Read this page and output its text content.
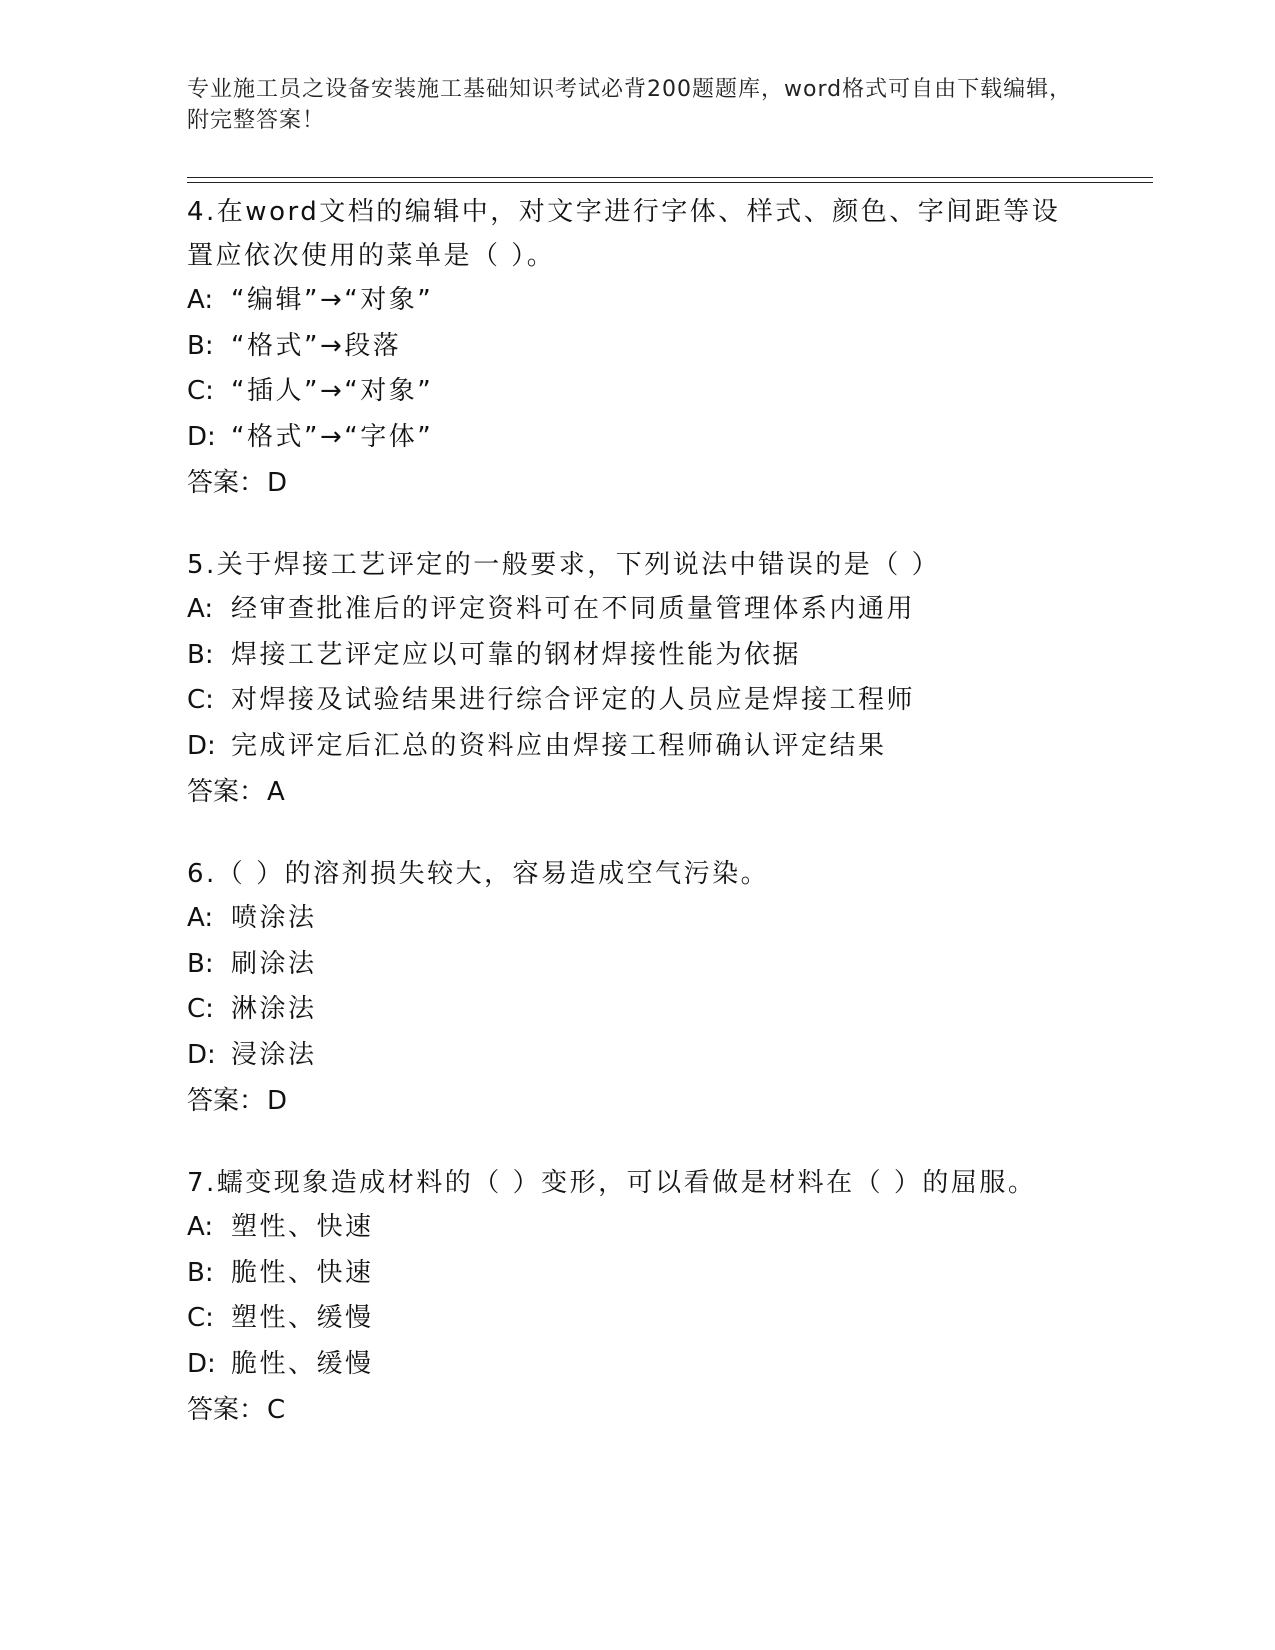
专业施工员之设备安装施工基础知识考试必背200题题库，word格式可自由下载编辑，附完整答案！

4.在word文档的编辑中，对文字进行字体、样式、颜色、字间距等设置应依次使用的菜单是（ ）。

A: “编辑”→“对象”
B: “格式”→段落
C: “插人”→“对象”
D: “格式”→“字体”
答案：D

5.关于焊接工艺评定的一般要求，下列说法中错误的是（ ）

A: 经审查批准后的评定资料可在不同质量管理体系内通用
B: 焊接工艺评定应以可靠的钢材焊接性能为依据
C: 对焊接及试验结果进行综合评定的人员应是焊接工程师
D: 完成评定后汇总的资料应由焊接工程师确认评定结果
答案：A

6.（ ）的溶剂损失较大，容易造成空气污染。

A: 喷涂法
B: 刷涂法
C: 淋涂法
D: 浸涂法
答案：D

7.蠕变现象造成材料的（ ）变形，可以看做是材料在（ ）的屈服。

A: 塑性、快速
B: 脆性、快速
C: 塑性、缓慢
D: 脆性、缓慢
答案：C
